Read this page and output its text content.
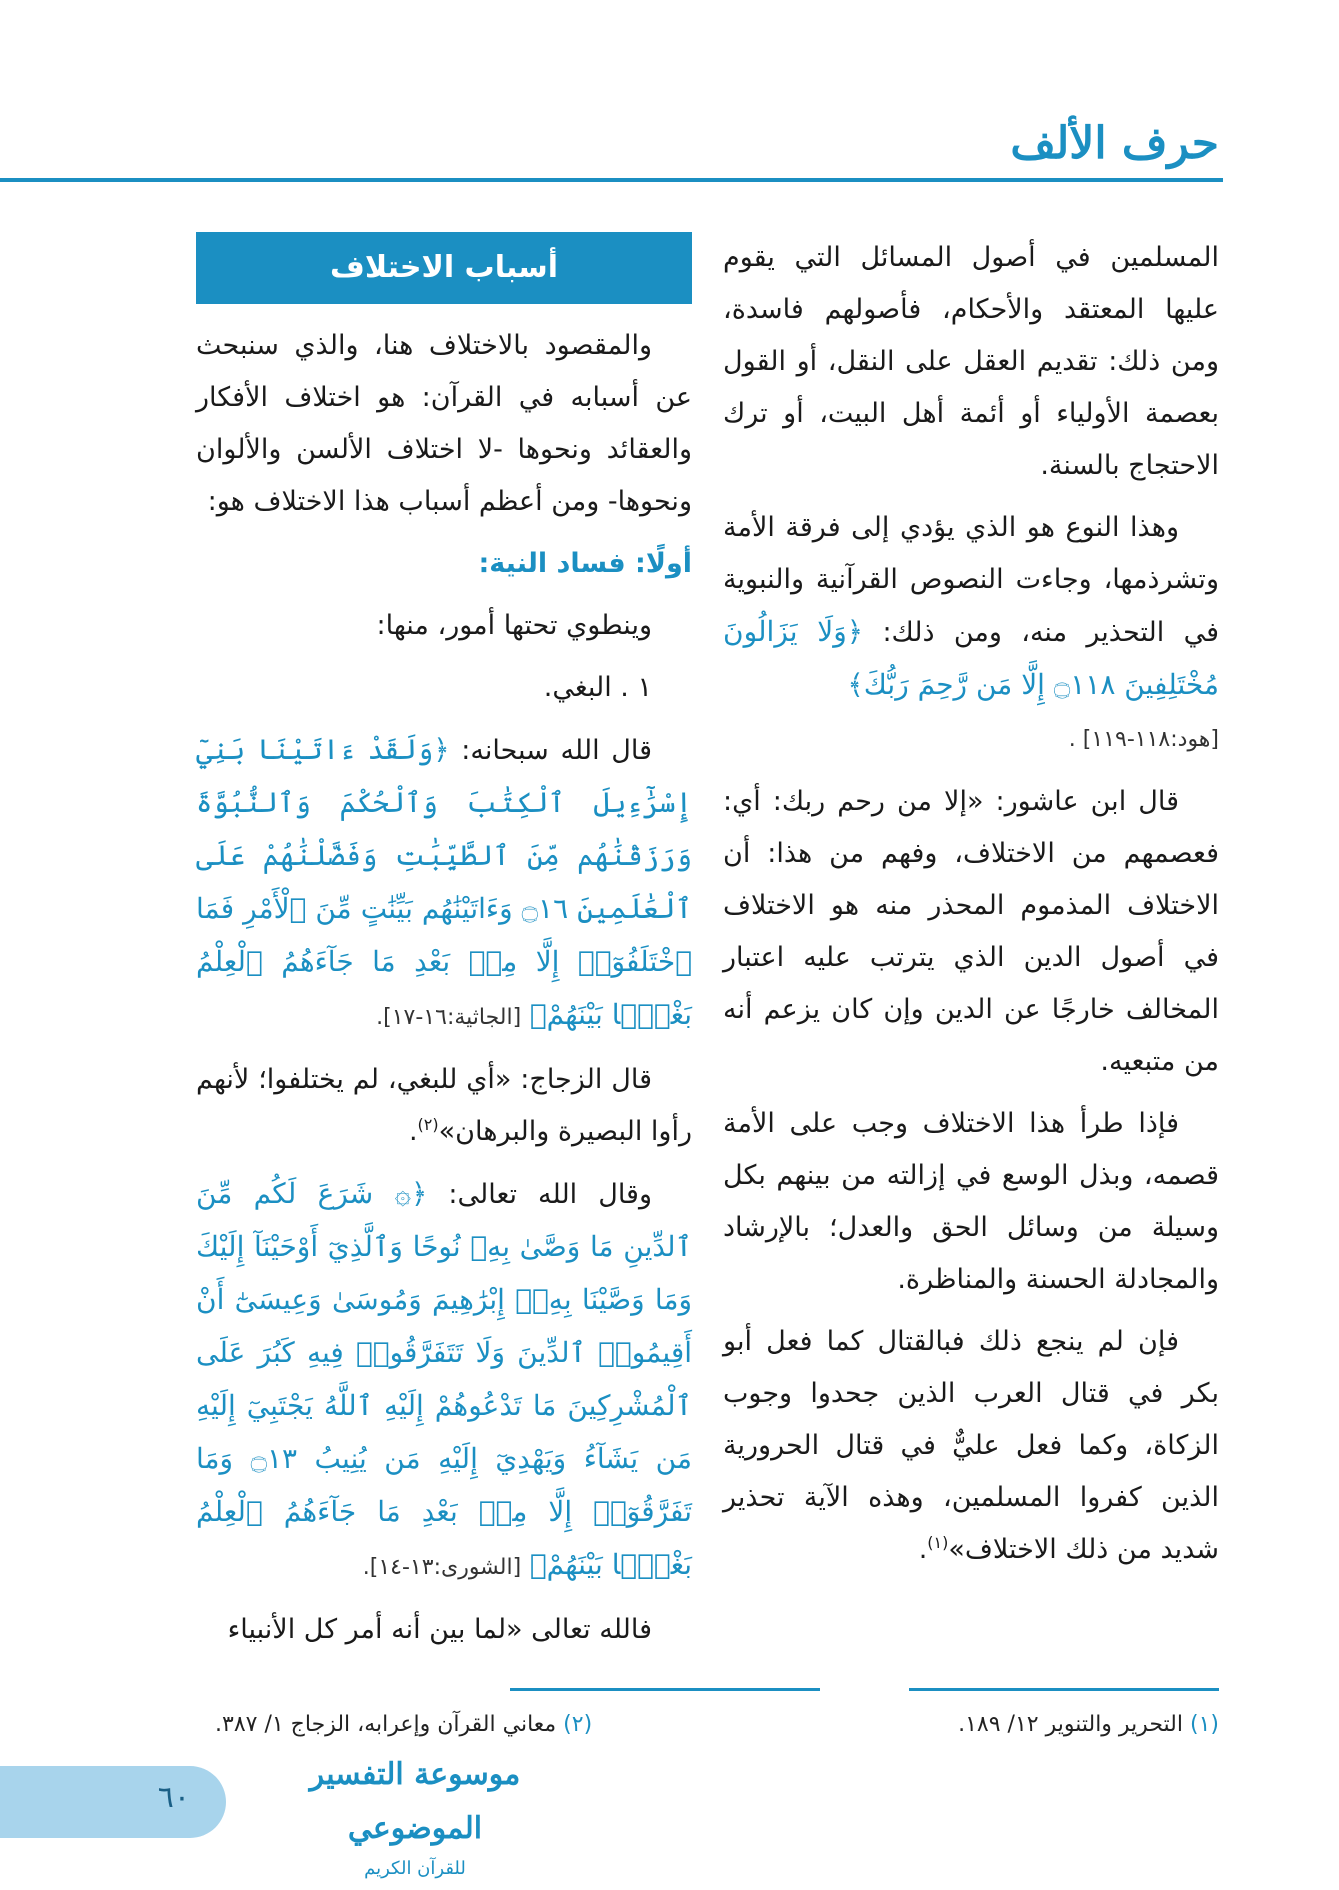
حرف الألف

المسلمين في أصول المسائل التي يقوم عليها المعتقد والأحكام، فأصولهم فاسدة، ومن ذلك: تقديم العقل على النقل، أو القول بعصمة الأولياء أو أئمة أهل البيت، أو ترك الاحتجاج بالسنة.

وهذا النوع هو الذي يؤدي إلى فرقة الأمة وتشرذمها، وجاءت النصوص القرآنية والنبوية في التحذير منه، ومن ذلك: ﴿وَلَا يَزَالُونَ مُخْتَلِفِينَ ۝١١٨ إِلَّا مَن رَّحِمَ رَبُّكَ﴾
[هود:١١٨-١١٩] .

قال ابن عاشور: «إلا من رحم ربك: أي: فعصمهم من الاختلاف، وفهم من هذا: أن الاختلاف المذموم المحذر منه هو الاختلاف في أصول الدين الذي يترتب عليه اعتبار المخالف خارجًا عن الدين وإن كان يزعم أنه من متبعيه.

فإذا طرأ هذا الاختلاف وجب على الأمة قصمه، وبذل الوسع في إزالته من بينهم بكل وسيلة من وسائل الحق والعدل؛ بالإرشاد والمجادلة الحسنة والمناظرة.

فإن لم ينجع ذلك فبالقتال كما فعل أبو بكر في قتال العرب الذين جحدوا وجوب الزكاة، وكما فعل عليٌّ في قتال الحرورية الذين كفروا المسلمين، وهذه الآية تحذير شديد من ذلك الاختلاف»$^{(١)}$.

أسباب الاختلاف

والمقصود بالاختلاف هنا، والذي سنبحث عن أسبابه في القرآن: هو اختلاف الأفكار والعقائد ونحوها -لا اختلاف الألسن والألوان ونحوها- ومن أعظم أسباب هذا الاختلاف هو:

أولًا: فساد النية:

وينطوي تحتها أمور، منها:

١ . البغي.

قال الله سبحانه: ﴿وَلَقَدْ ءَاتَيْنَا بَنِيٓ إِسْرَٰٓءِيلَ ٱلْكِتَٰبَ وَٱلْحُكْمَ وَٱلنُّبُوَّةَ وَرَزَقْنَٰهُم مِّنَ ٱلطَّيِّبَٰتِ وَفَضَّلْنَٰهُمْ عَلَى ٱلْعَٰلَمِينَ ۝١٦ وَءَاتَيْنَٰهُم بَيِّنَٰتٍ مِّنَ ٱلْأَمْرِ فَمَا ٱخْتَلَفُوٓا۟ إِلَّا مِنۢ بَعْدِ مَا جَآءَهُمُ ٱلْعِلْمُ بَغْيًۢا بَيْنَهُمْ﴾ [الجاثية:١٦-١٧].

قال الزجاج: «أي للبغي، لم يختلفوا؛ لأنهم رأوا البصيرة والبرهان»$^{(٢)}$.

وقال الله تعالى: ﴿۞ شَرَعَ لَكُم مِّنَ ٱلدِّينِ مَا وَصَّىٰ بِهِۦ نُوحًا وَٱلَّذِيٓ أَوْحَيْنَآ إِلَيْكَ وَمَا وَصَّيْنَا بِهِۦٓ إِبْرَٰهِيمَ وَمُوسَىٰ وَعِيسَىٰٓ أَنْ أَقِيمُوا۟ ٱلدِّينَ وَلَا تَتَفَرَّقُوا۟ فِيهِ كَبُرَ عَلَى ٱلْمُشْرِكِينَ مَا تَدْعُوهُمْ إِلَيْهِ ٱللَّهُ يَجْتَبِيٓ إِلَيْهِ مَن يَشَآءُ وَيَهْدِيٓ إِلَيْهِ مَن يُنِيبُ ۝١٣ وَمَا تَفَرَّقُوٓا۟ إِلَّا مِنۢ بَعْدِ مَا جَآءَهُمُ ٱلْعِلْمُ بَغْيًۢا بَيْنَهُمْ﴾ [الشورى:١٣-١٤].

فالله تعالى «لما بين أنه أمر كل الأنبياء

(١) التحرير والتنوير ١٢/ ١٨٩.
(٢) معاني القرآن وإعرابه، الزجاج ١/ ٣٨٧.
٦٠
موسوعة التفسير الموضوعي
للقرآن الكريم
